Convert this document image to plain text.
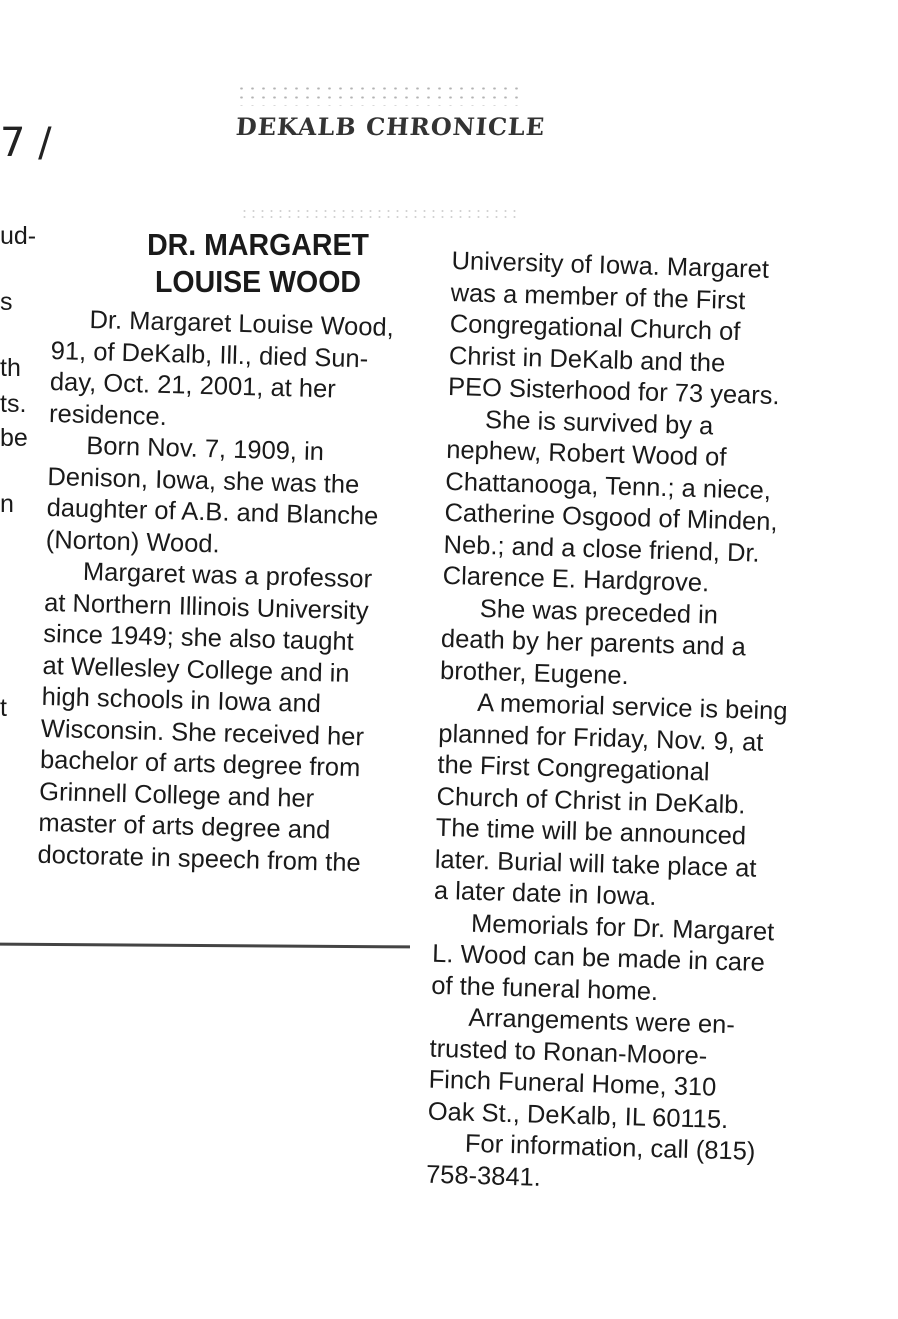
DEKALB CHRONICLE
7 /
ud-
s
th
ts.
be
n
t
DR. MARGARET
LOUISE WOOD
Dr. Margaret Louise Wood,
91, of DeKalb, Ill., died Sun-
day, Oct. 21, 2001, at her
residence.
Born Nov. 7, 1909, in
Denison, Iowa, she was the
daughter of A.B. and Blanche
(Norton) Wood.
Margaret was a professor
at Northern Illinois University
since 1949; she also taught
at Wellesley College and in
high schools in Iowa and
Wisconsin. She received her
bachelor of arts degree from
Grinnell College and her
master of arts degree and
doctorate in speech from the
University of Iowa. Margaret
was a member of the First
Congregational Church of
Christ in DeKalb and the
PEO Sisterhood for 73 years.
She is survived by a
nephew, Robert Wood of
Chattanooga, Tenn.; a niece,
Catherine Osgood of Minden,
Neb.; and a close friend, Dr.
Clarence E. Hardgrove.
She was preceded in
death by her parents and a
brother, Eugene.
A memorial service is being
planned for Friday, Nov. 9, at
the First Congregational
Church of Christ in DeKalb.
The time will be announced
later. Burial will take place at
a later date in Iowa.
Memorials for Dr. Margaret
L. Wood can be made in care
of the funeral home.
Arrangements were en-
trusted to Ronan-Moore-
Finch Funeral Home, 310
Oak St., DeKalb, IL 60115.
For information, call (815)
758-3841.
